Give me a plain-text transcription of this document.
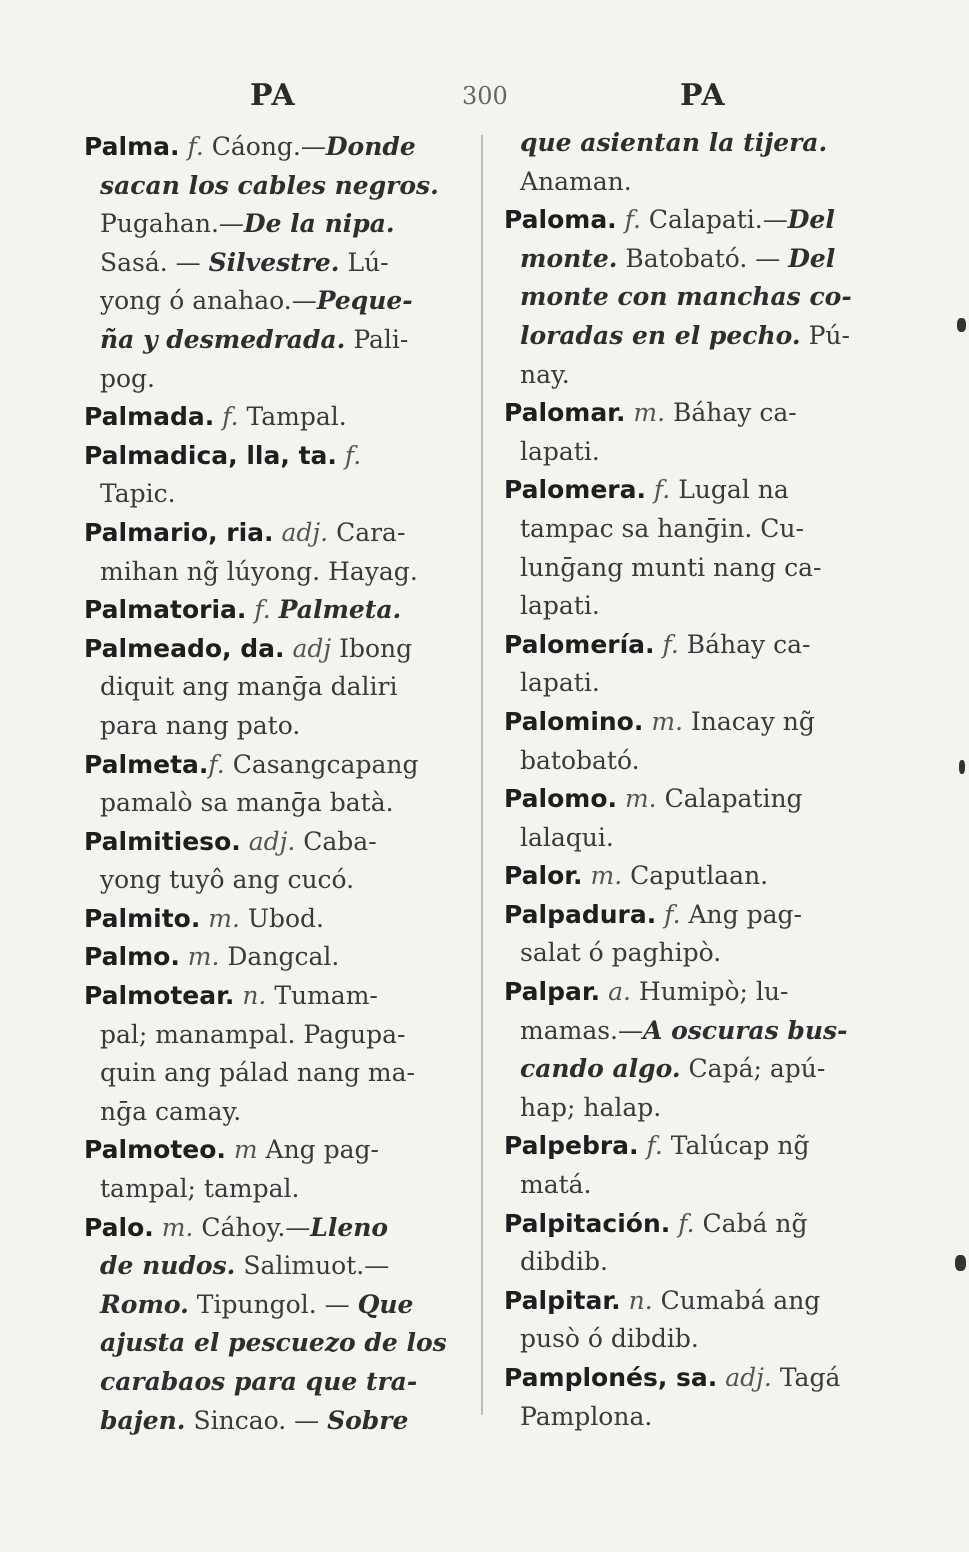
PA	300	PA
Palma. f. Cáong.—Donde
sacan los cables negros.
Pugahan.—De la nipa.
Sasá. — Silvestre. Lú-
yong ó anahao.—Peque-
ña y desmedrada. Pali-
pog.
Palmada. f. Tampal.
Palmadica, lla, ta. f.
Tapic.
Palmario, ria. adj. Cara-
mihan ng̃ lúyong. Hayag.
Palmatoria. f. Palmeta.
Palmeado, da. adj Ibong
diquit ang manḡa daliri
para nang pato.
Palmeta.f. Casangcapang
pamalò sa manḡa batà.
Palmitieso. adj. Caba-
yong tuyô ang cucó.
Palmito. m. Ubod.
Palmo. m. Dangcal.
Palmotear. n. Tumam-
pal; manampal. Pagupa-
quin ang pálad nang ma-
nḡa camay.
Palmoteo. m Ang pag-
tampal; tampal.
Palo. m. Cáhoy.—Lleno
de nudos. Salimuot.—
Romo. Tipungol. — Que
ajusta el pescuezo de los
carabaos para que tra-
bajen. Sincao. — Sobre
que asientan la tijera.
Anaman.
Paloma. f. Calapati.—Del
monte. Batobató. — Del
monte con manchas co-
loradas en el pecho. Pú-
nay.
Palomar. m. Báhay ca-
lapati.
Palomera. f. Lugal na
tampac sa hanḡin. Cu-
lunḡang munti nang ca-
lapati.
Palomería. f. Báhay ca-
lapati.
Palomino. m. Inacay ng̃
batobató.
Palomo. m. Calapating
lalaqui.
Palor. m. Caputlaan.
Palpadura. f. Ang pag-
salat ó paghipò.
Palpar. a. Humipò; lu-
mamas.—A oscuras bus-
cando algo. Capá; apú-
hap; halap.
Palpebra. f. Talúcap ng̃
matá.
Palpitación. f. Cabá ng̃
dibdib.
Palpitar. n. Cumabá ang
pusò ó dibdib.
Pamplonés, sa. adj. Tagá
Pamplona.
